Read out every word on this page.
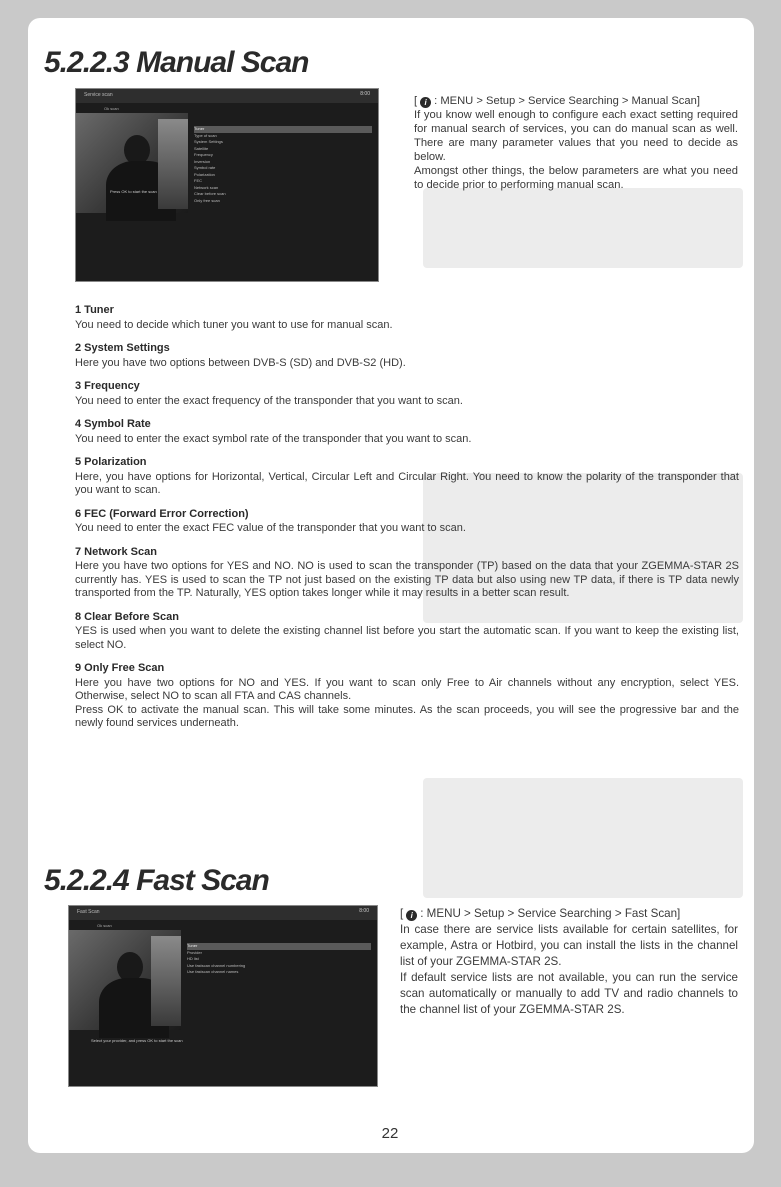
5.2.2.3 Manual Scan
Service scan	8:00
Ok scan
Tuner
Type of scan
System Settings
Satellite
Frequency
Inversion
Symbol rate
Polarization
FEC
Network scan
Clear before scan
Only free scan
Press OK to start the scan

[ i : MENU > Setup > Service Searching > Manual Scan]

If you know well enough to configure each exact setting required for manual search of services, you can do manual scan as well. There are many parameter values that you need to decide as below.

Amongst other things, the below parameters are what you need to decide prior to performing manual scan.

1 Tuner

You need to decide which tuner you want to use for manual scan.

2 System Settings

Here you have two options between DVB-S (SD) and DVB-S2 (HD).

3 Frequency

You need to enter the exact frequency of the transponder that you want to scan.

4 Symbol Rate

You need to enter the exact symbol rate of the transponder that you want to scan.

5 Polarization

Here, you have options for Horizontal, Vertical, Circular Left and Circular Right. You need to know the polarity of the transponder that you want to scan.

6 FEC (Forward Error Correction)

You need to enter the exact FEC value of the transponder that you want to scan.

7 Network Scan

Here you have two options for YES and NO. NO is used to scan the transponder (TP) based on the data that your ZGEMMA-STAR 2S currently has. YES is used to scan the TP not just based on the existing TP data but also using new TP data, if there is TP data newly transported from the TP. Naturally, YES option takes longer while it may results in a better scan result.

8 Clear Before Scan

YES is used when you want to delete the existing channel list before you start the automatic scan. If you want to keep the existing list, select NO.

9 Only Free Scan

Here you have two options for NO and YES. If you want to scan only Free to Air channels without any encryption, select YES. Otherwise, select NO to scan all FTA and CAS channels.

Press OK to activate the manual scan. This will take some minutes. As the scan proceeds, you will see the progressive bar and the newly found services underneath.

5.2.2.4 Fast Scan
Fast Scan	8:00
Ok scan
Tuner
Provider
HD list
Use fastscan channel numbering
Use fastscan channel names
Select your provider, and press OK to start the scan

[ i : MENU > Setup > Service Searching > Fast Scan]

In case there are service lists available for certain satellites, for example, Astra or Hotbird, you can install the lists in the channel list of your ZGEMMA-STAR 2S.

If default service lists are not available, you can run the service scan automatically or manually to add TV and radio channels to the channel list of your ZGEMMA-STAR 2S.

22
